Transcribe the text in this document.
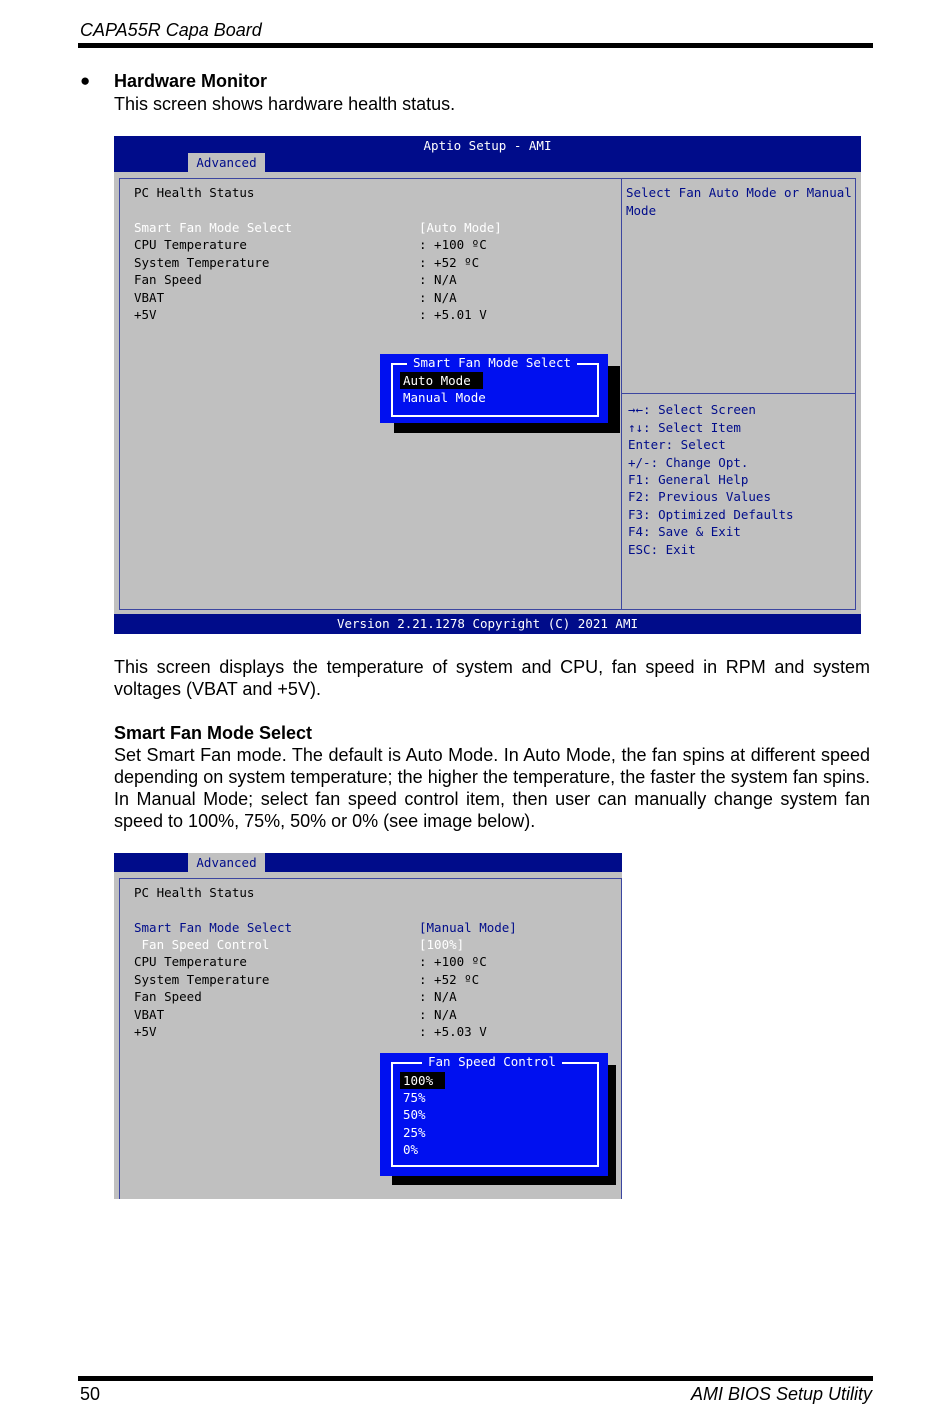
CAPA55R Capa Board
● Hardware Monitor
This screen shows hardware health status.
Aptio Setup - AMI
Advanced
PC Health Status
Smart Fan Mode Select	[Auto Mode]
CPU Temperature	: +100 ºC
System Temperature	: +52 ºC
Fan Speed	: N/A
VBAT	: N/A
+5V	: +5.01 V
Select Fan Auto Mode or Manual
Mode
→←: Select Screen
↑↓: Select Item
Enter: Select
+/-: Change Opt.
F1: General Help
F2: Previous Values
F3: Optimized Defaults
F4: Save & Exit
ESC: Exit
Smart Fan Mode Select
Auto Mode
Manual Mode
Version 2.21.1278 Copyright (C) 2021 AMI
This screen displays the temperature of system and CPU, fan speed in RPM and system voltages (VBAT and +5V).
Smart Fan Mode Select
Set Smart Fan mode. The default is Auto Mode. In Auto Mode, the fan spins at different speed depending on system temperature; the higher the temperature, the faster the system fan spins. In Manual Mode; select fan speed control item, then user can manually change system fan speed to 100%, 75%, 50% or 0% (see image below).
Advanced
PC Health Status
Smart Fan Mode Select	[Manual Mode]
Fan Speed Control	[100%]
CPU Temperature	: +100 ºC
System Temperature	: +52 ºC
Fan Speed	: N/A
VBAT	: N/A
+5V	: +5.03 V
Fan Speed Control
100%
75%
50%
25%
0%
50	AMI BIOS Setup Utility
